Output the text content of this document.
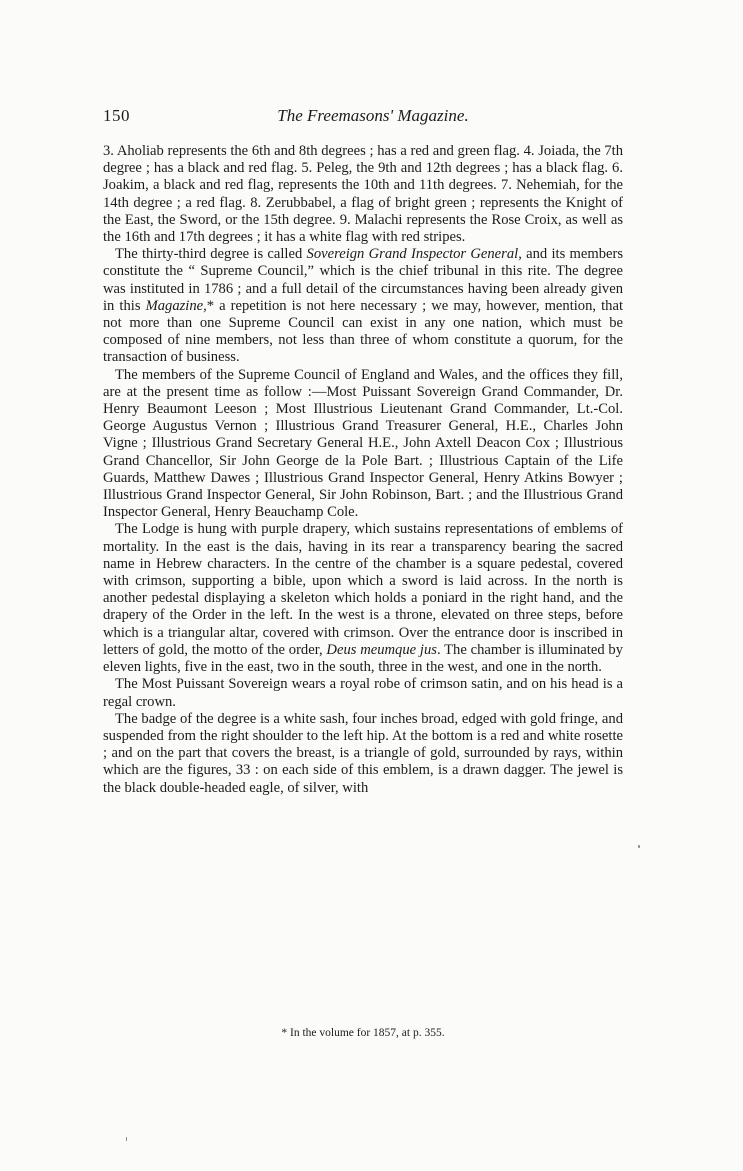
150	The Freemasons' Magazine.

3. Aholiab represents the 6th and 8th degrees ; has a red and green flag. 4. Joiada, the 7th degree ; has a black and red flag. 5. Peleg, the 9th and 12th degrees ; has a black flag. 6. Joakim, a black and red flag, represents the 10th and 11th degrees. 7. Nehemiah, for the 14th degree ; a red flag. 8. Zerubbabel, a flag of bright green ; represents the Knight of the East, the Sword, or the 15th degree. 9. Malachi represents the Rose Croix, as well as the 16th and 17th degrees ; it has a white flag with red stripes.

The thirty-third degree is called Sovereign Grand Inspector General, and its members constitute the “ Supreme Council,” which is the chief tribunal in this rite. The degree was instituted in 1786 ; and a full detail of the circumstances having been already given in this Magazine,* a repetition is not here necessary ; we may, however, mention, that not more than one Supreme Council can exist in any one nation, which must be composed of nine members, not less than three of whom constitute a quorum, for the transaction of business.

The members of the Supreme Council of England and Wales, and the offices they fill, are at the present time as follow :—Most Puissant Sovereign Grand Commander, Dr. Henry Beaumont Leeson ; Most Illustrious Lieutenant Grand Commander, Lt.-Col. George Augustus Vernon ; Illustrious Grand Treasurer General, H.E., Charles John Vigne ; Illustrious Grand Secretary General H.E., John Axtell Deacon Cox ; Illustrious Grand Chancellor, Sir John George de la Pole Bart. ; Illustrious Captain of the Life Guards, Matthew Dawes ; Illustrious Grand Inspector General, Henry Atkins Bowyer ; Illustrious Grand Inspector General, Sir John Robinson, Bart. ; and the Illustrious Grand Inspector General, Henry Beauchamp Cole.

The Lodge is hung with purple drapery, which sustains representations of emblems of mortality. In the east is the dais, having in its rear a transparency bearing the sacred name in Hebrew characters. In the centre of the chamber is a square pedestal, covered with crimson, supporting a bible, upon which a sword is laid across. In the north is another pedestal displaying a skeleton which holds a poniard in the right hand, and the drapery of the Order in the left. In the west is a throne, elevated on three steps, before which is a triangular altar, covered with crimson. Over the entrance door is inscribed in letters of gold, the motto of the order, Deus meumque jus. The chamber is illuminated by eleven lights, five in the east, two in the south, three in the west, and one in the north.

The Most Puissant Sovereign wears a royal robe of crimson satin, and on his head is a regal crown.

The badge of the degree is a white sash, four inches broad, edged with gold fringe, and suspended from the right shoulder to the left hip. At the bottom is a red and white rosette ; and on the part that covers the breast, is a triangle of gold, surrounded by rays, within which are the figures, 33 : on each side of this emblem, is a drawn dagger. The jewel is the black double-headed eagle, of silver, with

* In the volume for 1857, at p. 355.
